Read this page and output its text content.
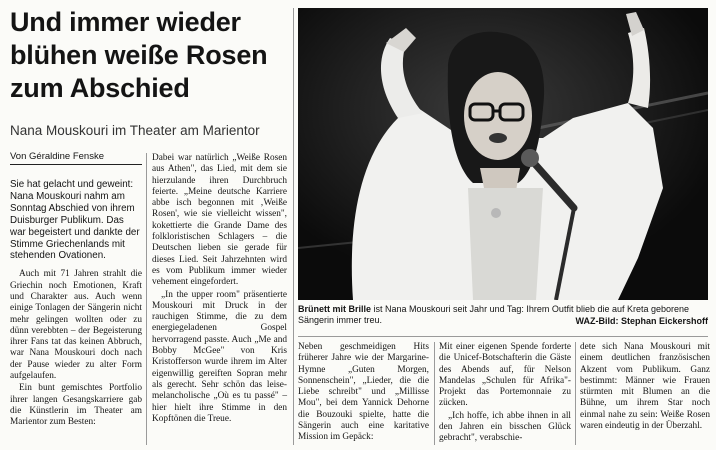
Und immer wieder
blühen weiße Rosen
zum Abschied
Nana Mouskouri im Theater am Marientor
Von Géraldine Fenske

Sie hat gelacht und geweint: Nana Mouskouri nahm am Sonntag Abschied von ihrem Duisburger Publikum. Das war begeistert und dankte der Stimme Griechenlands mit stehenden Ovationen.

Auch mit 71 Jahren strahlt die Griechin noch Emotionen, Kraft und Charakter aus. Auch wenn einige Tonlagen der Sängerin nicht mehr gelingen wollten oder zu dünn verebbten – der Begeisterung ihrer Fans tat das keinen Abbruch, war Nana Mouskouri doch nach der Pause wieder zu alter Form aufgelaufen.

Ein bunt gemischtes Portfolio ihrer langen Gesangskarriere gab die Künstlerin im Theater am Marientor zum Besten:

Dabei war natürlich „Weiße Rosen aus Athen", das Lied, mit dem sie hierzulande ihren Durchbruch feierte. „Meine deutsche Karriere abbe isch begonnen mit ‚Weiße Rosen', wie sie vielleicht wissen", kokettierte die Grande Dame des folkloristischen Schlagers – die Deutschen lieben sie gerade für dieses Lied. Seit Jahrzehnten wird es vom Publikum immer wieder vehement eingefordert.

„In the upper room" präsentierte Mouskouri mit Druck in der rauchigen Stimme, die zu dem energiegeladenen Gospel hervorragend passte. Auch „Me and Bobby McGee" von Kris Kristofferson wurde ihrem im Alter eigenwillig gereiften Sopran mehr als gerecht. Sehr schön das leise-melancholische „Où es tu passé" – hier hielt ihre Stimme in den Kopftönen die Treue.

Brünett mit Brille ist Nana Mouskouri seit Jahr und Tag: Ihrem Outfit blieb die auf Kreta geborene Sängerin immer treu.	WAZ-Bild: Stephan Eickershoff

Neben geschmeidigen Hits früherer Jahre wie der Margarine-Hymne „Guten Morgen, Sonnenschein", „Lieder, die die Liebe schreibt" und „Millisse Mou", bei dem Yannick Dehorne die Bouzouki spielte, hatte die Sängerin auch eine karitative Mission im Gepäck:

Mit einer eigenen Spende forderte die Unicef-Botschafterin die Gäste des Abends auf, für Nelson Mandelas „Schulen für Afrika"-Projekt das Portemonnaie zu zücken.

„Ich hoffe, ich abbe ihnen in all den Jahren ein bisschen Glück gebracht", verabschie-

dete sich Nana Mouskouri mit einem deutlichen französischen Akzent vom Publikum. Ganz bestimmt: Männer wie Frauen stürmten mit Blumen an die Bühne, um ihrem Star noch einmal nahe zu sein: Weiße Rosen waren eindeutig in der Überzahl.
